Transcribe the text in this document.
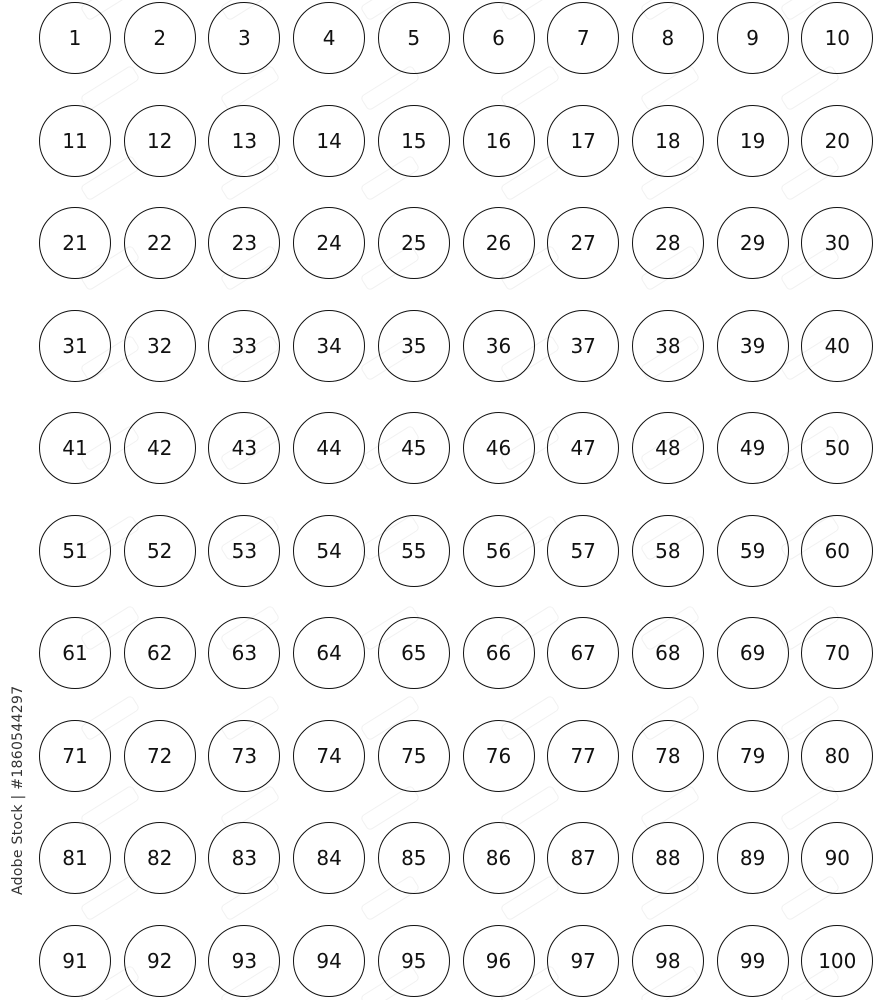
1	2	3	4	5	6	7	8	9	10
11	12	13	14	15	16	17	18	19	20
21	22	23	24	25	26	27	28	29	30
31	32	33	34	35	36	37	38	39	40
41	42	43	44	45	46	47	48	49	50
51	52	53	54	55	56	57	58	59	60
61	62	63	64	65	66	67	68	69	70
71	72	73	74	75	76	77	78	79	80
81	82	83	84	85	86	87	88	89	90
91	92	93	94	95	96	97	98	99	100
Adobe Stock | #1860544297
